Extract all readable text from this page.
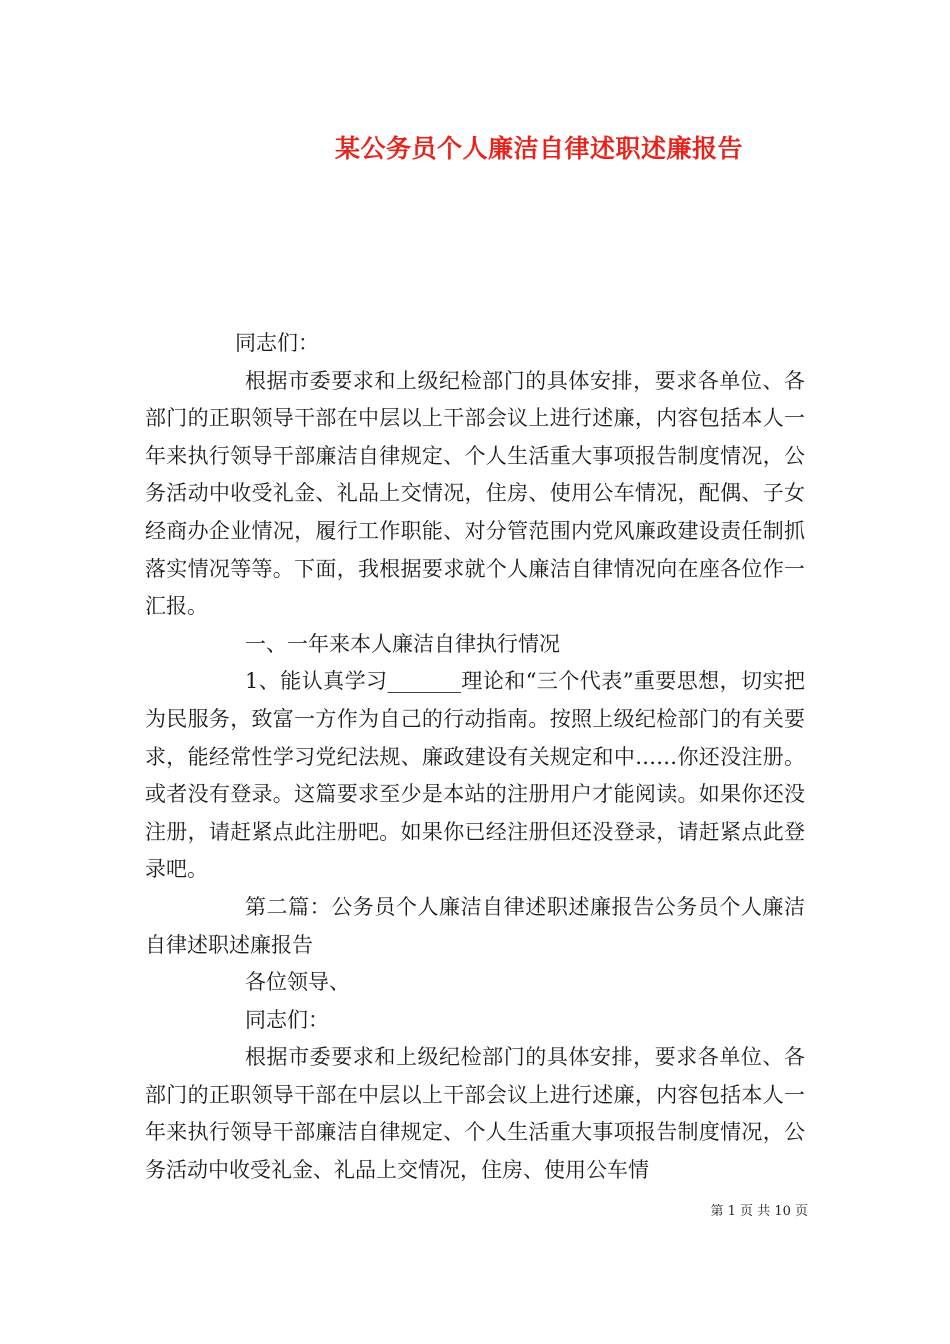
某公务员个人廉洁自律述职述廉报告

同志们：

根据市委要求和上级纪检部门的具体安排，要求各单位、各部门的正职领导干部在中层以上干部会议上进行述廉，内容包括本人一年来执行领导干部廉洁自律规定、个人生活重大事项报告制度情况，公务活动中收受礼金、礼品上交情况，住房、使用公车情况，配偶、子女经商办企业情况，履行工作职能、对分管范围内党风廉政建设责任制抓落实情况等等。下面，我根据要求就个人廉洁自律情况向在座各位作一汇报。

一、一年来本人廉洁自律执行情况

1、能认真学习_______理论和“三个代表”重要思想，切实把为民服务，致富一方作为自己的行动指南。按照上级纪检部门的有关要求，能经常性学习党纪法规、廉政建设有关规定和中……你还没注册。或者没有登录。这篇要求至少是本站的注册用户才能阅读。如果你还没注册，请赶紧点此注册吧。如果你已经注册但还没登录，请赶紧点此登录吧。

第二篇：公务员个人廉洁自律述职述廉报告公务员个人廉洁自律述职述廉报告

各位领导、

同志们：

根据市委要求和上级纪检部门的具体安排，要求各单位、各部门的正职领导干部在中层以上干部会议上进行述廉，内容包括本人一年来执行领导干部廉洁自律规定、个人生活重大事项报告制度情况，公务活动中收受礼金、礼品上交情况，住房、使用公车情

第 1 页 共 10 页
